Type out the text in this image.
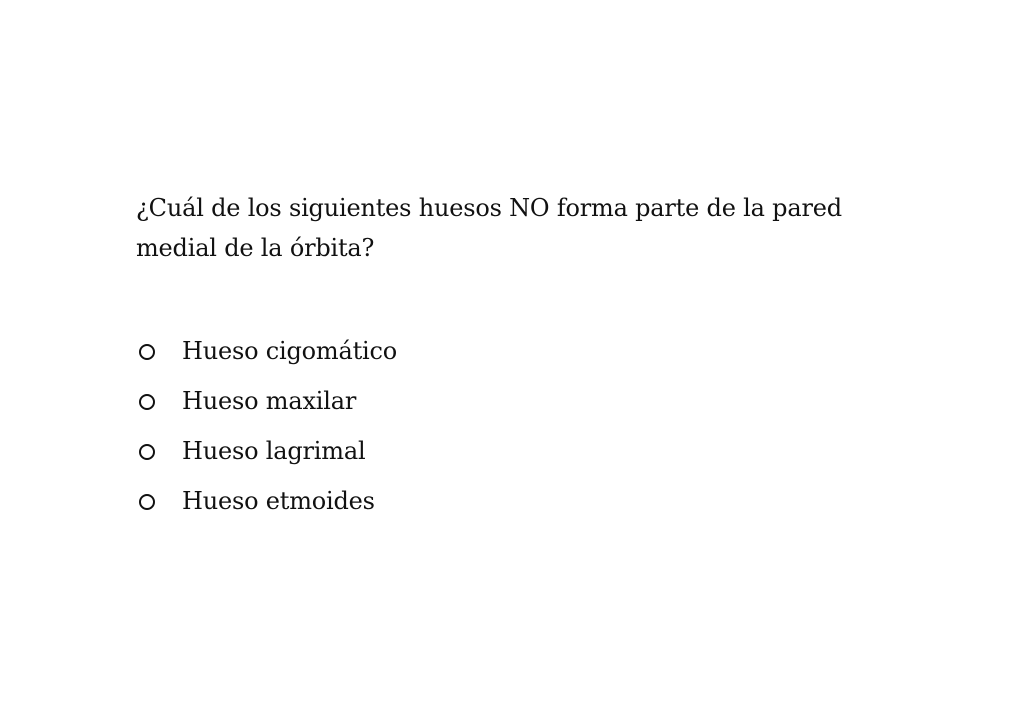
¿Cuál de los siguientes huesos NO forma parte de la pared medial de la órbita?

Hueso cigomático
Hueso maxilar
Hueso lagrimal
Hueso etmoides
